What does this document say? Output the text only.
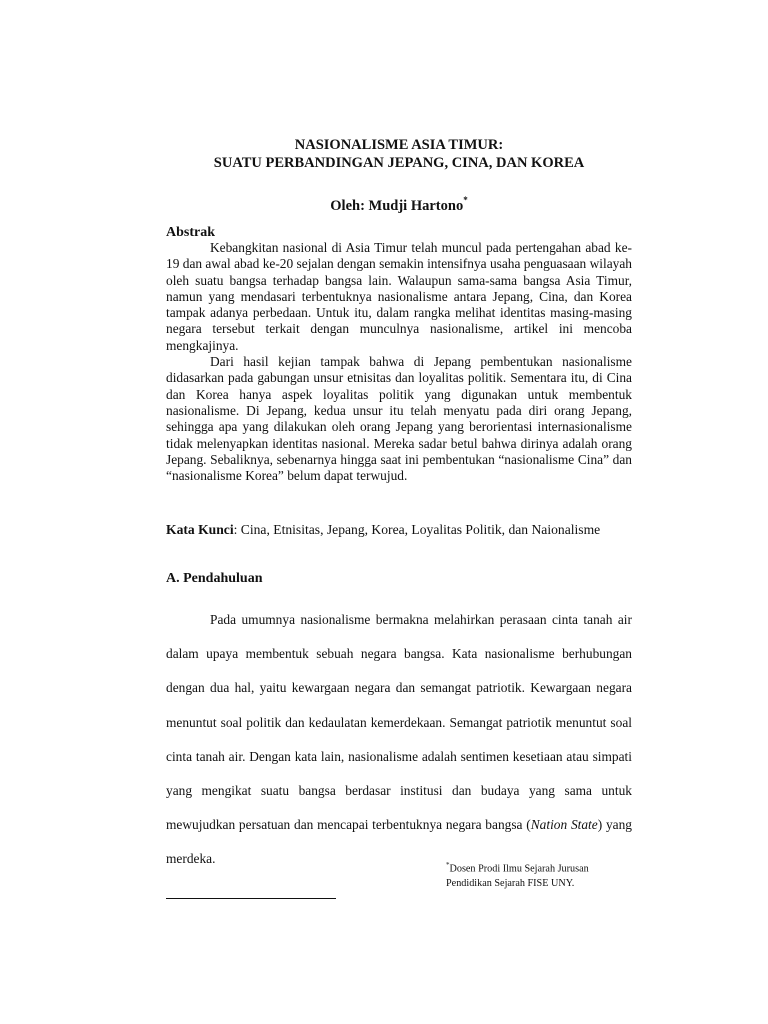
NASIONALISME ASIA TIMUR:
SUATU PERBANDINGAN JEPANG, CINA, DAN KOREA
Oleh: Mudji Hartono*
Abstrak

Kebangkitan nasional di Asia Timur telah muncul pada pertengahan abad ke-19 dan awal abad ke-20 sejalan dengan semakin intensifnya usaha penguasaan wilayah oleh suatu bangsa terhadap bangsa lain. Walaupun sama-sama bangsa Asia Timur, namun yang mendasari terbentuknya nasionalisme antara Jepang, Cina, dan Korea tampak adanya perbedaan. Untuk itu, dalam rangka melihat identitas masing-masing negara tersebut terkait dengan munculnya nasionalisme, artikel ini mencoba mengkajinya.

Dari hasil kejian tampak bahwa di Jepang pembentukan nasionalisme didasarkan pada gabungan unsur etnisitas dan loyalitas politik. Sementara itu, di Cina dan Korea hanya aspek loyalitas politik yang digunakan untuk membentuk nasionalisme. Di Jepang, kedua unsur itu telah menyatu pada diri orang Jepang, sehingga apa yang dilakukan oleh orang Jepang yang berorientasi internasionalisme tidak melenyapkan identitas nasional. Mereka sadar betul bahwa dirinya adalah orang Jepang. Sebaliknya, sebenarnya hingga saat ini pembentukan “nasionalisme Cina” dan “nasionalisme Korea” belum dapat terwujud.

Kata Kunci: Cina, Etnisitas, Jepang, Korea, Loyalitas Politik, dan Naionalisme
A. Pendahuluan

Pada umumnya nasionalisme bermakna melahirkan perasaan cinta tanah air dalam upaya membentuk sebuah negara bangsa. Kata nasionalisme berhubungan dengan dua hal, yaitu kewargaan negara dan semangat patriotik. Kewargaan negara menuntut soal politik dan kedaulatan kemerdekaan. Semangat patriotik menuntut soal cinta tanah air. Dengan kata lain, nasionalisme adalah sentimen kesetiaan atau simpati yang mengikat suatu bangsa berdasar institusi dan budaya yang sama untuk mewujudkan persatuan dan mencapai terbentuknya negara bangsa (Nation State) yang merdeka.	*Dosen Prodi Ilmu Sejarah Jurusan
Pendidikan Sejarah FISE UNY.
